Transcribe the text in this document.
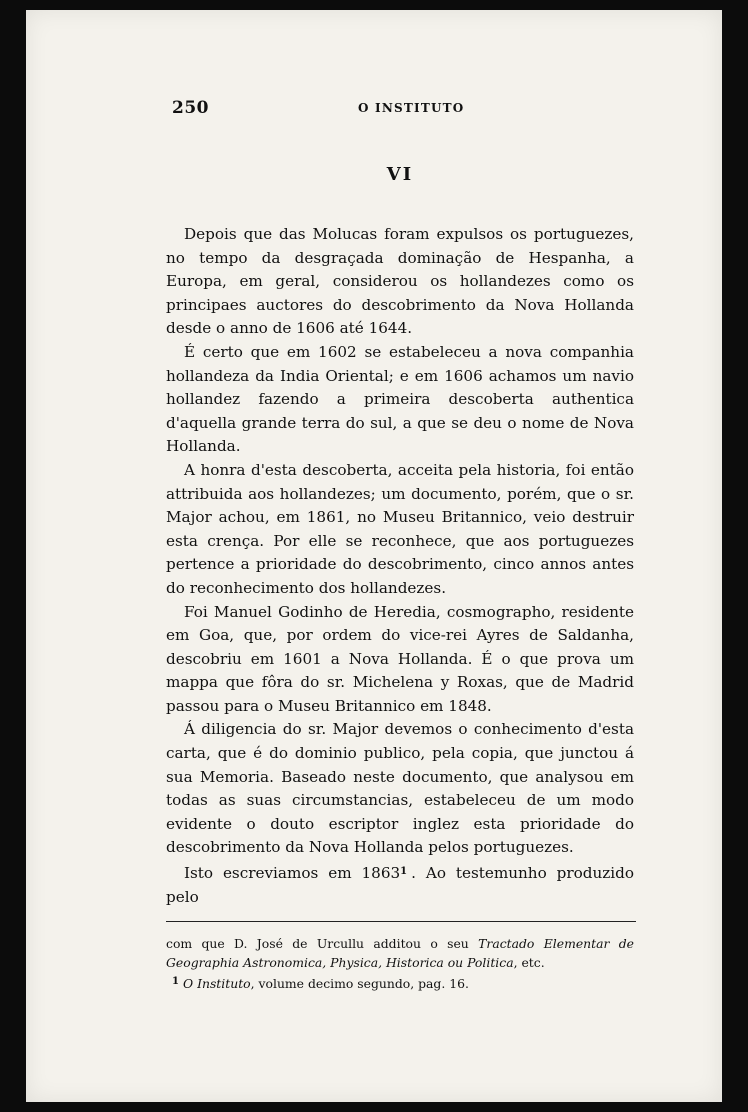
250	O INSTITUTO
VI

Depois que das Molucas foram expulsos os portuguezes, no tempo da desgraçada dominação de Hespanha, a Europa, em geral, considerou os hollandezes como os principaes auctores do descobrimento da Nova Hollanda desde o anno de 1606 até 1644.

É certo que em 1602 se estabeleceu a nova companhia hollandeza da India Oriental; e em 1606 achamos um navio hollandez fazendo a primeira descoberta authentica d'aquella grande terra do sul, a que se deu o nome de Nova Hollanda.

A honra d'esta descoberta, acceita pela historia, foi então attribuida aos hollandezes; um documento, porém, que o sr. Major achou, em 1861, no Museu Britannico, veio destruir esta crença. Por elle se reconhece, que aos portuguezes pertence a prioridade do descobrimento, cinco annos antes do reconhecimento dos hollandezes.

Foi Manuel Godinho de Heredia, cosmographo, residente em Goa, que, por ordem do vice-rei Ayres de Saldanha, descobriu em 1601 a Nova Hollanda. É o que prova um mappa que fôra do sr. Michelena y Roxas, que de Madrid passou para o Museu Britannico em 1848.

Á diligencia do sr. Major devemos o conhecimento d'esta carta, que é do dominio publico, pela copia, que junctou á sua Memoria. Baseado neste documento, que analysou em todas as suas circumstancias, estabeleceu de um modo evidente o douto escriptor inglez esta prioridade do descobrimento da Nova Hollanda pelos portuguezes.

Isto escreviamos em 1863$^1$ . Ao testemunho produzido pelo

com que D. José de Urcullu additou o seu Tractado Elementar de Geographia Astronomica, Physica, Historica ou Politica, etc.
$^1$ O Instituto, volume decimo segundo, pag. 16.
